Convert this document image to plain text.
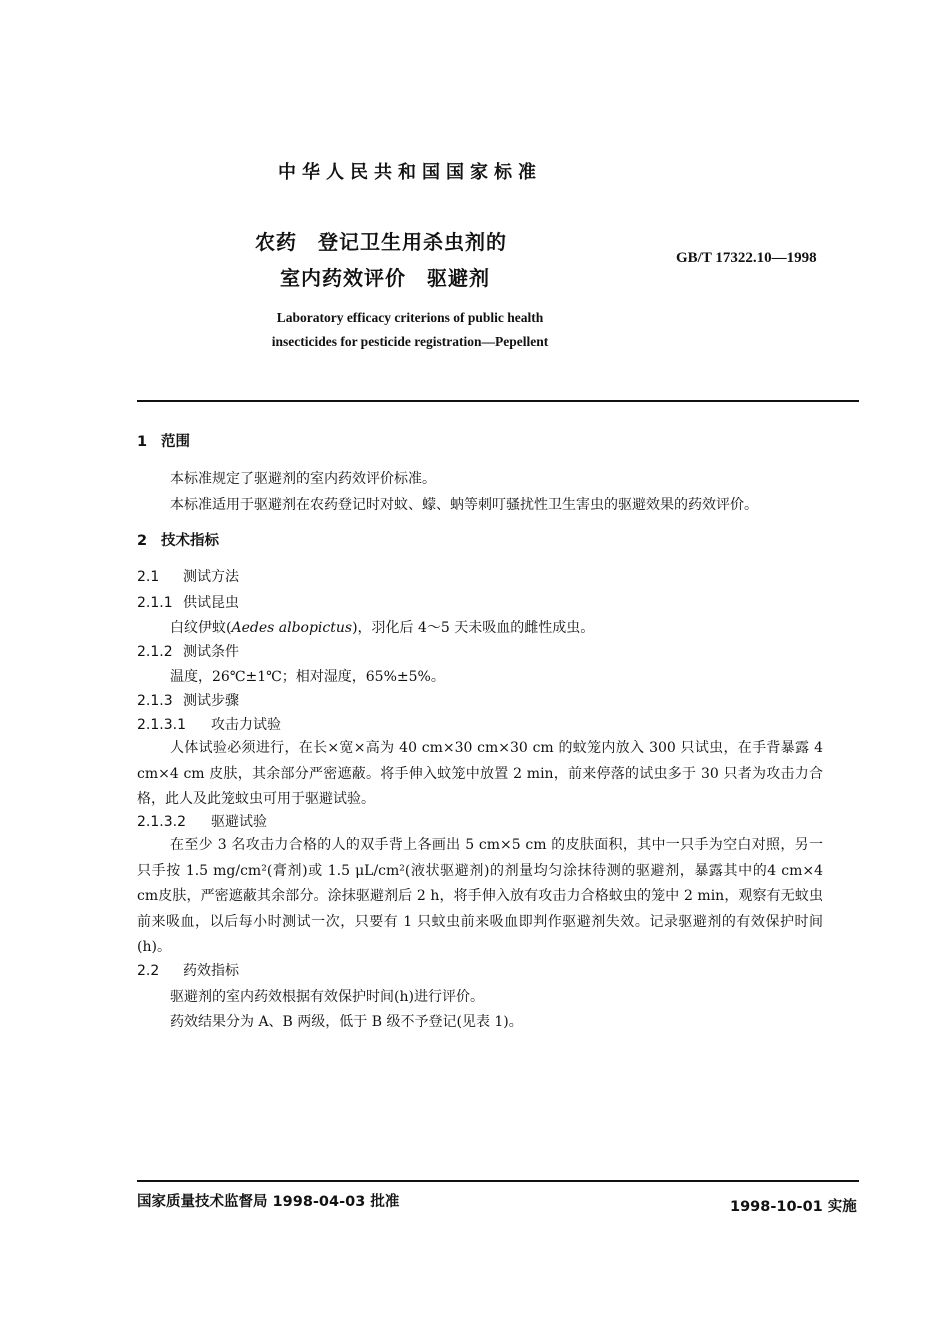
中华人民共和国国家标准
农药　登记卫生用杀虫剂的
室内药效评价　驱避剂
GB/T 17322.10—1998
Laboratory efficacy criterions of public health
insecticides for pesticide registration—Pepellent
1 范围
本标准规定了驱避剂的室内药效评价标准。
本标准适用于驱避剂在农药登记时对蚊、蠓、蚋等刺叮骚扰性卫生害虫的驱避效果的药效评价。
2 技术指标
2.1 测试方法
2.1.1 供试昆虫
白纹伊蚊(Aedes albopictus)，羽化后 4～5 天未吸血的雌性成虫。
2.1.2 测试条件
温度，26℃±1℃；相对湿度，65%±5%。
2.1.3 测试步骤
2.1.3.1 攻击力试验
人体试验必须进行，在长×宽×高为 40 cm×30 cm×30 cm 的蚊笼内放入 300 只试虫，在手背暴露 4 cm×4 cm 皮肤，其余部分严密遮蔽。将手伸入蚊笼中放置 2 min，前来停落的试虫多于 30 只者为攻击力合格，此人及此笼蚊虫可用于驱避试验。
2.1.3.2 驱避试验
在至少 3 名攻击力合格的人的双手背上各画出 5 cm×5 cm 的皮肤面积，其中一只手为空白对照，另一只手按 1.5 mg/cm²(膏剂)或 1.5 μL/cm²(液状驱避剂)的剂量均匀涂抹待测的驱避剂，暴露其中的4 cm×4 cm皮肤，严密遮蔽其余部分。涂抹驱避剂后 2 h，将手伸入放有攻击力合格蚊虫的笼中 2 min，观察有无蚊虫前来吸血，以后每小时测试一次，只要有 1 只蚊虫前来吸血即判作驱避剂失效。记录驱避剂的有效保护时间(h)。
2.2 药效指标
驱避剂的室内药效根据有效保护时间(h)进行评价。
药效结果分为 A、B 两级，低于 B 级不予登记(见表 1)。
国家质量技术监督局 1998-04-03 批准	1998-10-01 实施
